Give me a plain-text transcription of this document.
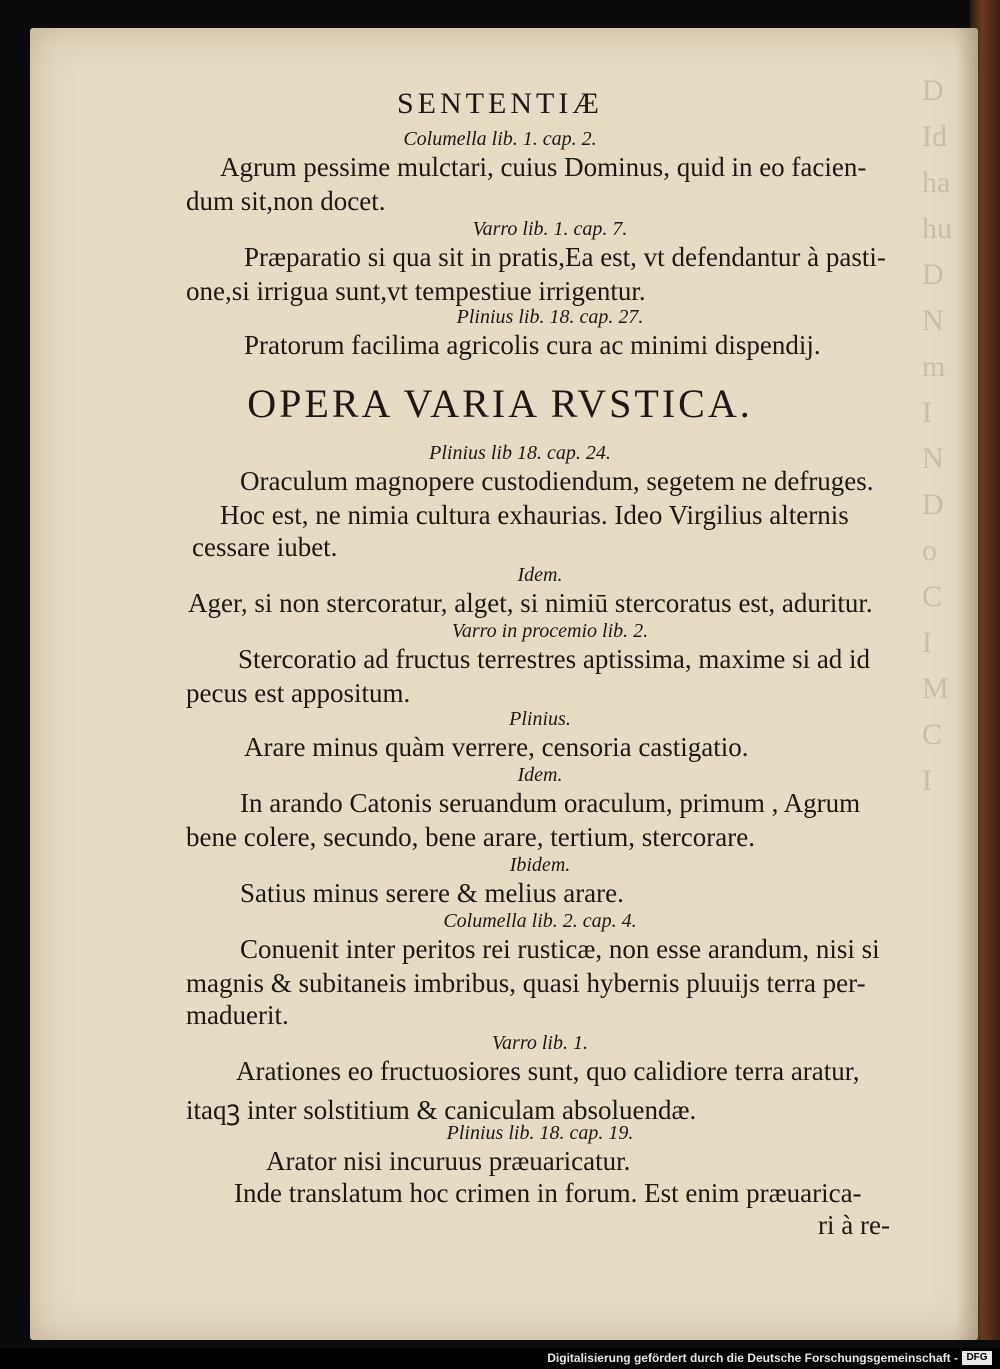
D
Id
ha
hu
D
N
m
I
N
D
o
C
I
M
C
I
SENTENTIÆ
Columella lib. 1. cap. 2.
Agrum pessime mulctari, cuius Dominus, quid in eo facien-
dum sit,non docet.
Varro lib. 1. cap. 7.
Præparatio si qua sit in pratis,Ea est, vt defendantur à pasti-
one,si irrigua sunt,vt tempestiue irrigentur.
Plinius lib. 18. cap. 27.
Pratorum facilima agricolis cura ac minimi dispendij.
OPERA VARIA RVSTICA.
Plinius lib 18. cap. 24.
Oraculum magnopere custodiendum, segetem ne defruges.
Hoc est, ne nimia cultura exhaurias. Ideo Virgilius alternis
cessare iubet.
Idem.
Ager, si non stercoratur, alget, si nimiū stercoratus est, aduritur.
Varro in procemio lib. 2.
Stercoratio ad fructus terrestres aptissima, maxime si ad id
pecus est appositum.
Plinius.
Arare minus quàm verrere, censoria castigatio.
Idem.
In arando Catonis seruandum oraculum, primum , Agrum
bene colere, secundo, bene arare, tertium, stercorare.
Ibidem.
Satius minus serere & melius arare.
Columella lib. 2. cap. 4.
Conuenit inter peritos rei rusticæ, non esse arandum, nisi si
magnis & subitaneis imbribus, quasi hybernis pluuijs terra per-
maduerit.
Varro lib. 1.
Arationes eo fructuosiores sunt, quo calidiore terra aratur,
itaqꝫ inter solstitium & caniculam absoluendæ.
Plinius lib. 18. cap. 19.
Arator nisi incuruus præuaricatur.
Inde translatum hoc crimen in forum. Est enim præuarica-
ri à re-
Digitalisierung gefördert durch die Deutsche Forschungsgemeinschaft - DFG
